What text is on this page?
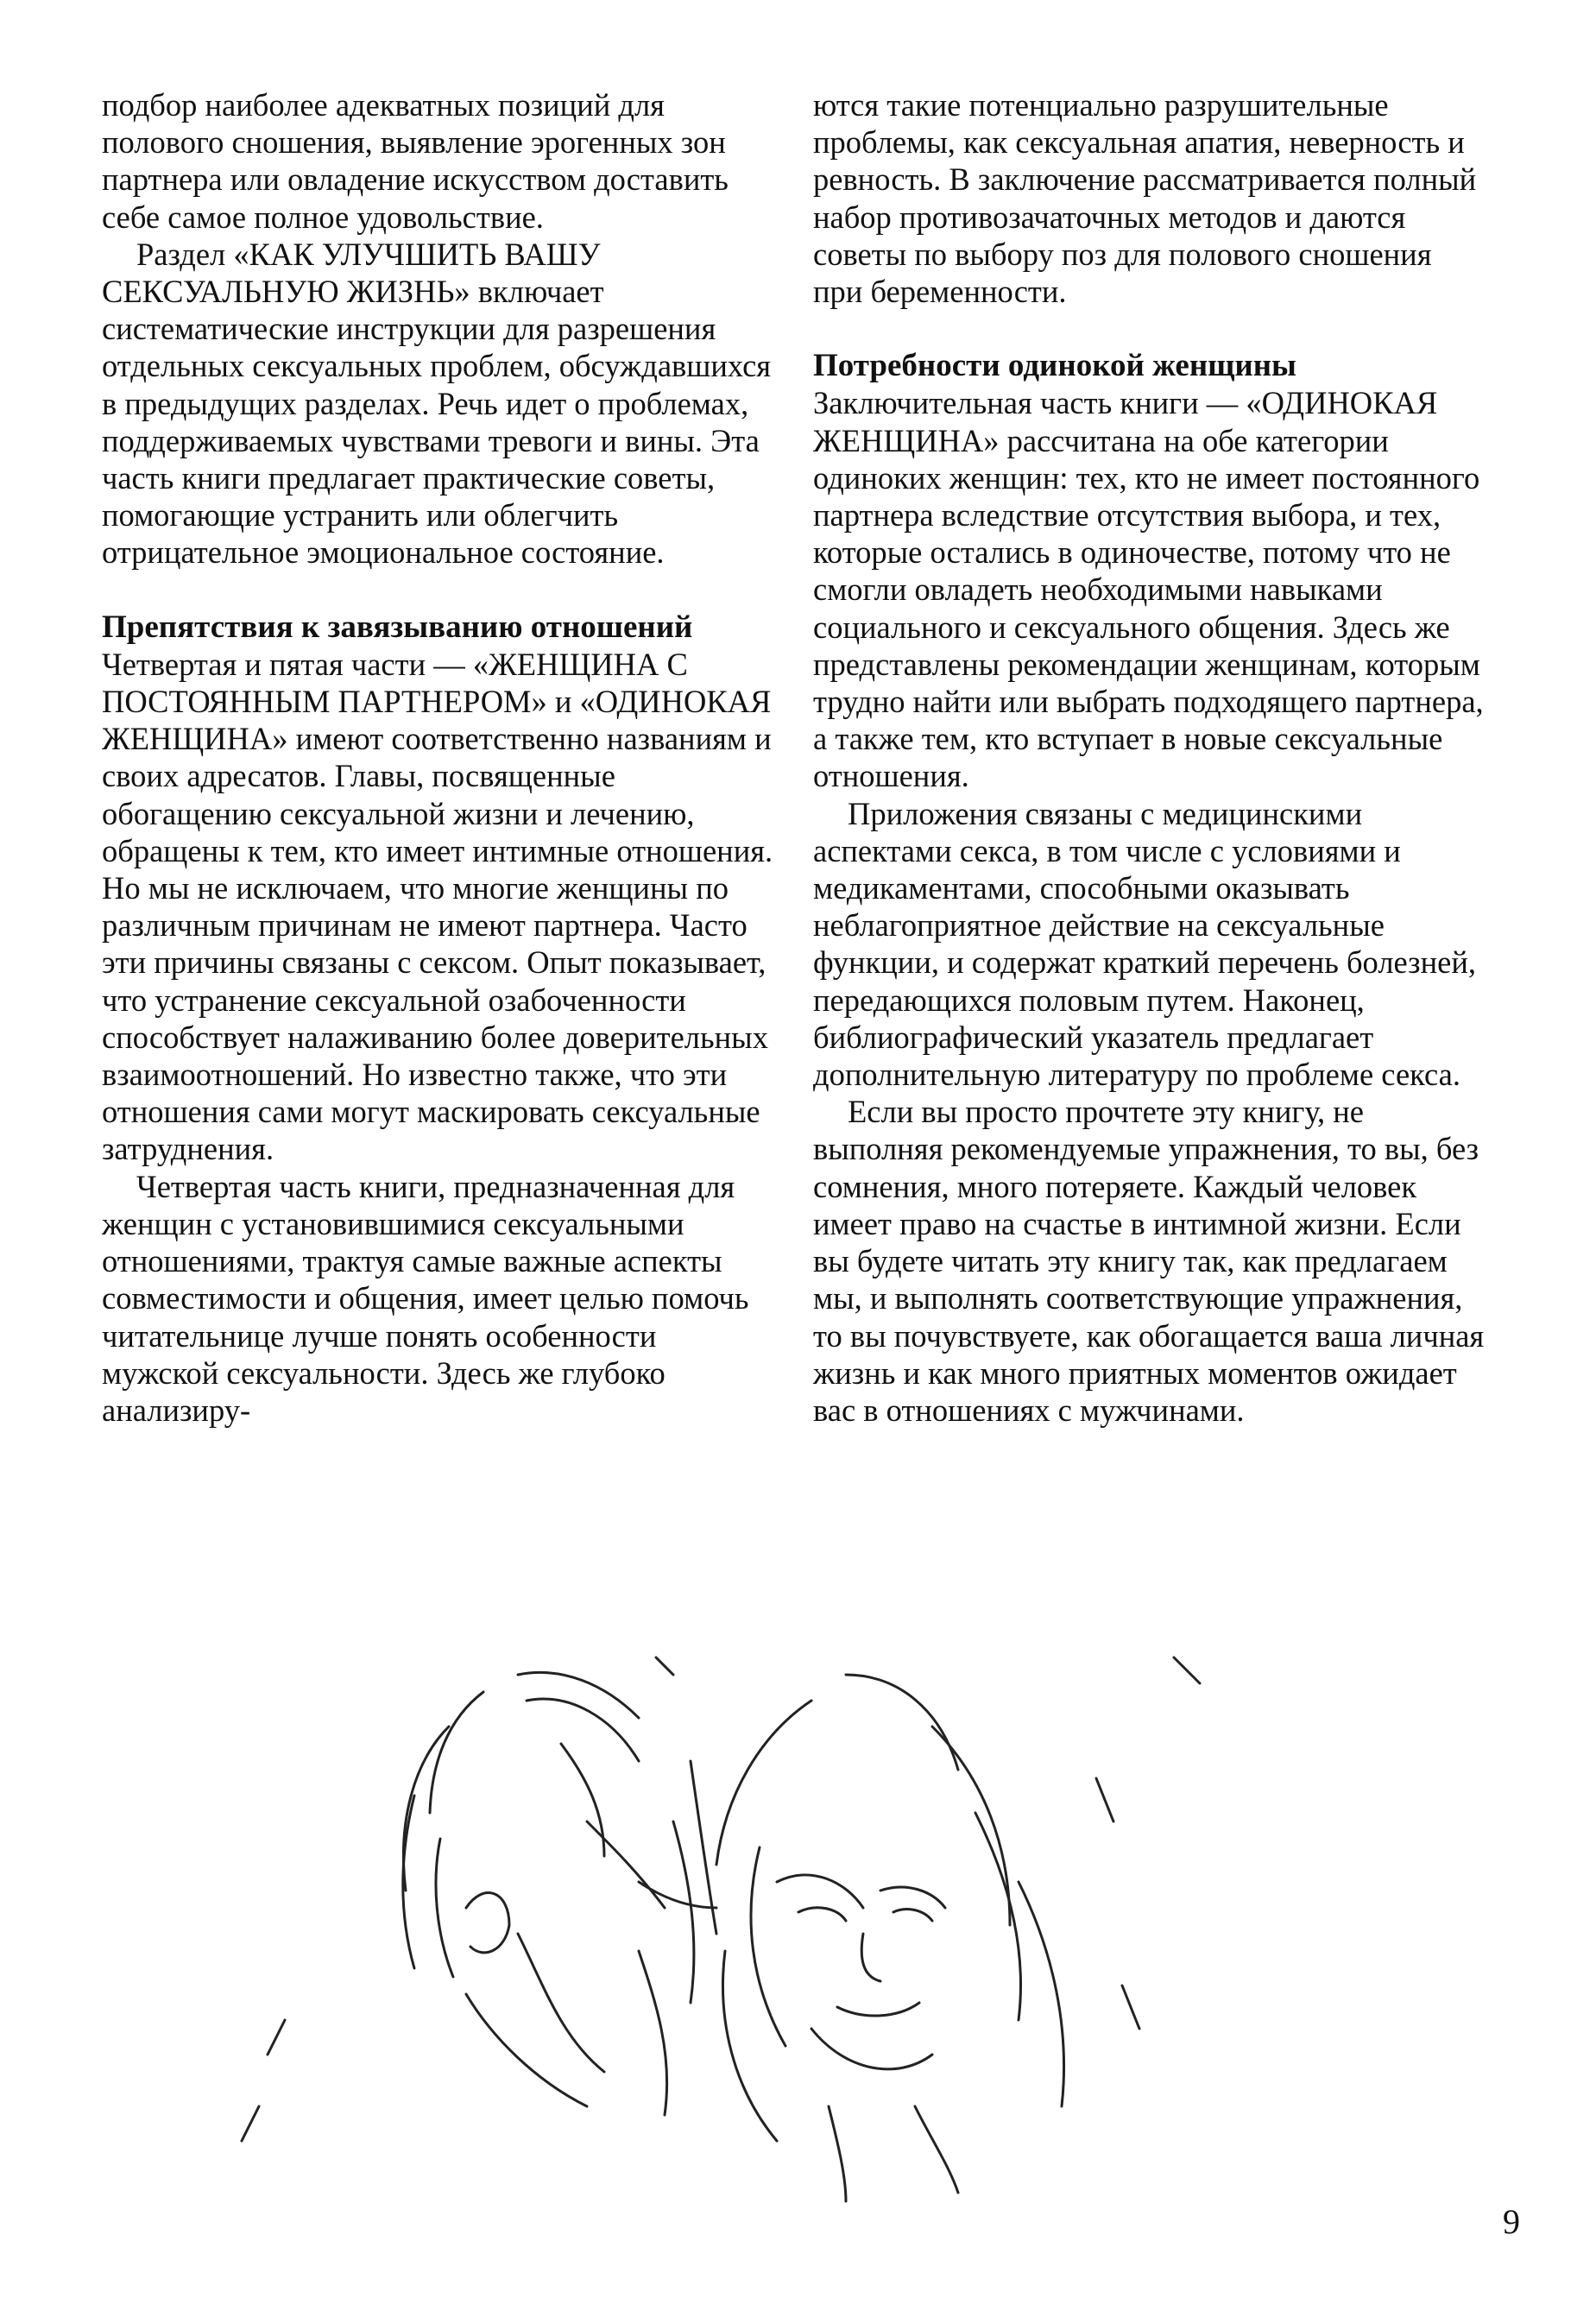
подбор наиболее адекватных позиций для полового сношения, выявление эрогенных зон партнера или овладение искусством доставить себе самое полное удовольствие.

Раздел «КАК УЛУЧШИТЬ ВАШУ СЕКСУАЛЬНУЮ ЖИЗНЬ» включает систематические инструкции для разрешения отдельных сексуальных проблем, обсуждавшихся в предыдущих разделах. Речь идет о проблемах, поддерживаемых чувствами тревоги и вины. Эта часть книги предлагает практические советы, помогающие устранить или облегчить отрицательное эмоциональное состояние.

Препятствия к завязыванию отношений

Четвертая и пятая части — «ЖЕНЩИНА С ПОСТОЯННЫМ ПАРТНЕРОМ» и «ОДИНОКАЯ ЖЕНЩИНА» имеют соответственно названиям и своих адресатов. Главы, посвященные обогащению сексуальной жизни и лечению, обращены к тем, кто имеет интимные отношения. Но мы не исключаем, что многие женщины по различным причинам не имеют партнера. Часто эти причины связаны с сексом. Опыт показывает, что устранение сексуальной озабоченности способствует налаживанию более доверительных взаимоотношений. Но известно также, что эти отношения сами могут маскировать сексуальные затруднения.

Четвертая часть книги, предназначенная для женщин с установившимися сексуальными отношениями, трактуя самые важные аспекты совместимости и общения, имеет целью помочь читательнице лучше понять особенности мужской сексуальности. Здесь же глубоко анализиру-

ются такие потенциально разрушительные проблемы, как сексуальная апатия, неверность и ревность. В заключение рассматривается полный набор противозачаточных методов и даются советы по выбору поз для полового сношения при беременности.

Потребности одинокой женщины

Заключительная часть книги — «ОДИНОКАЯ ЖЕНЩИНА» рассчитана на обе категории одиноких женщин: тех, кто не имеет постоянного партнера вследствие отсутствия выбора, и тех, которые остались в одиночестве, потому что не смогли овладеть необходимыми навыками социального и сексуального общения. Здесь же представлены рекомендации женщинам, которым трудно найти или выбрать подходящего партнера, а также тем, кто вступает в новые сексуальные отношения.

Приложения связаны с медицинскими аспектами секса, в том числе с условиями и медикаментами, способными оказывать неблагоприятное действие на сексуальные функции, и содержат краткий перечень болезней, передающихся половым путем. Наконец, библиографический указатель предлагает дополнительную литературу по проблеме секса.

Если вы просто прочтете эту книгу, не выполняя рекомендуемые упражнения, то вы, без сомнения, много потеряете. Каждый человек имеет право на счастье в интимной жизни. Если вы будете читать эту книгу так, как предлагаем мы, и выполнять соответствующие упражнения, то вы почувствуете, как обогащается ваша личная жизнь и как много приятных моментов ожидает вас в отношениях с мужчинами.

9
